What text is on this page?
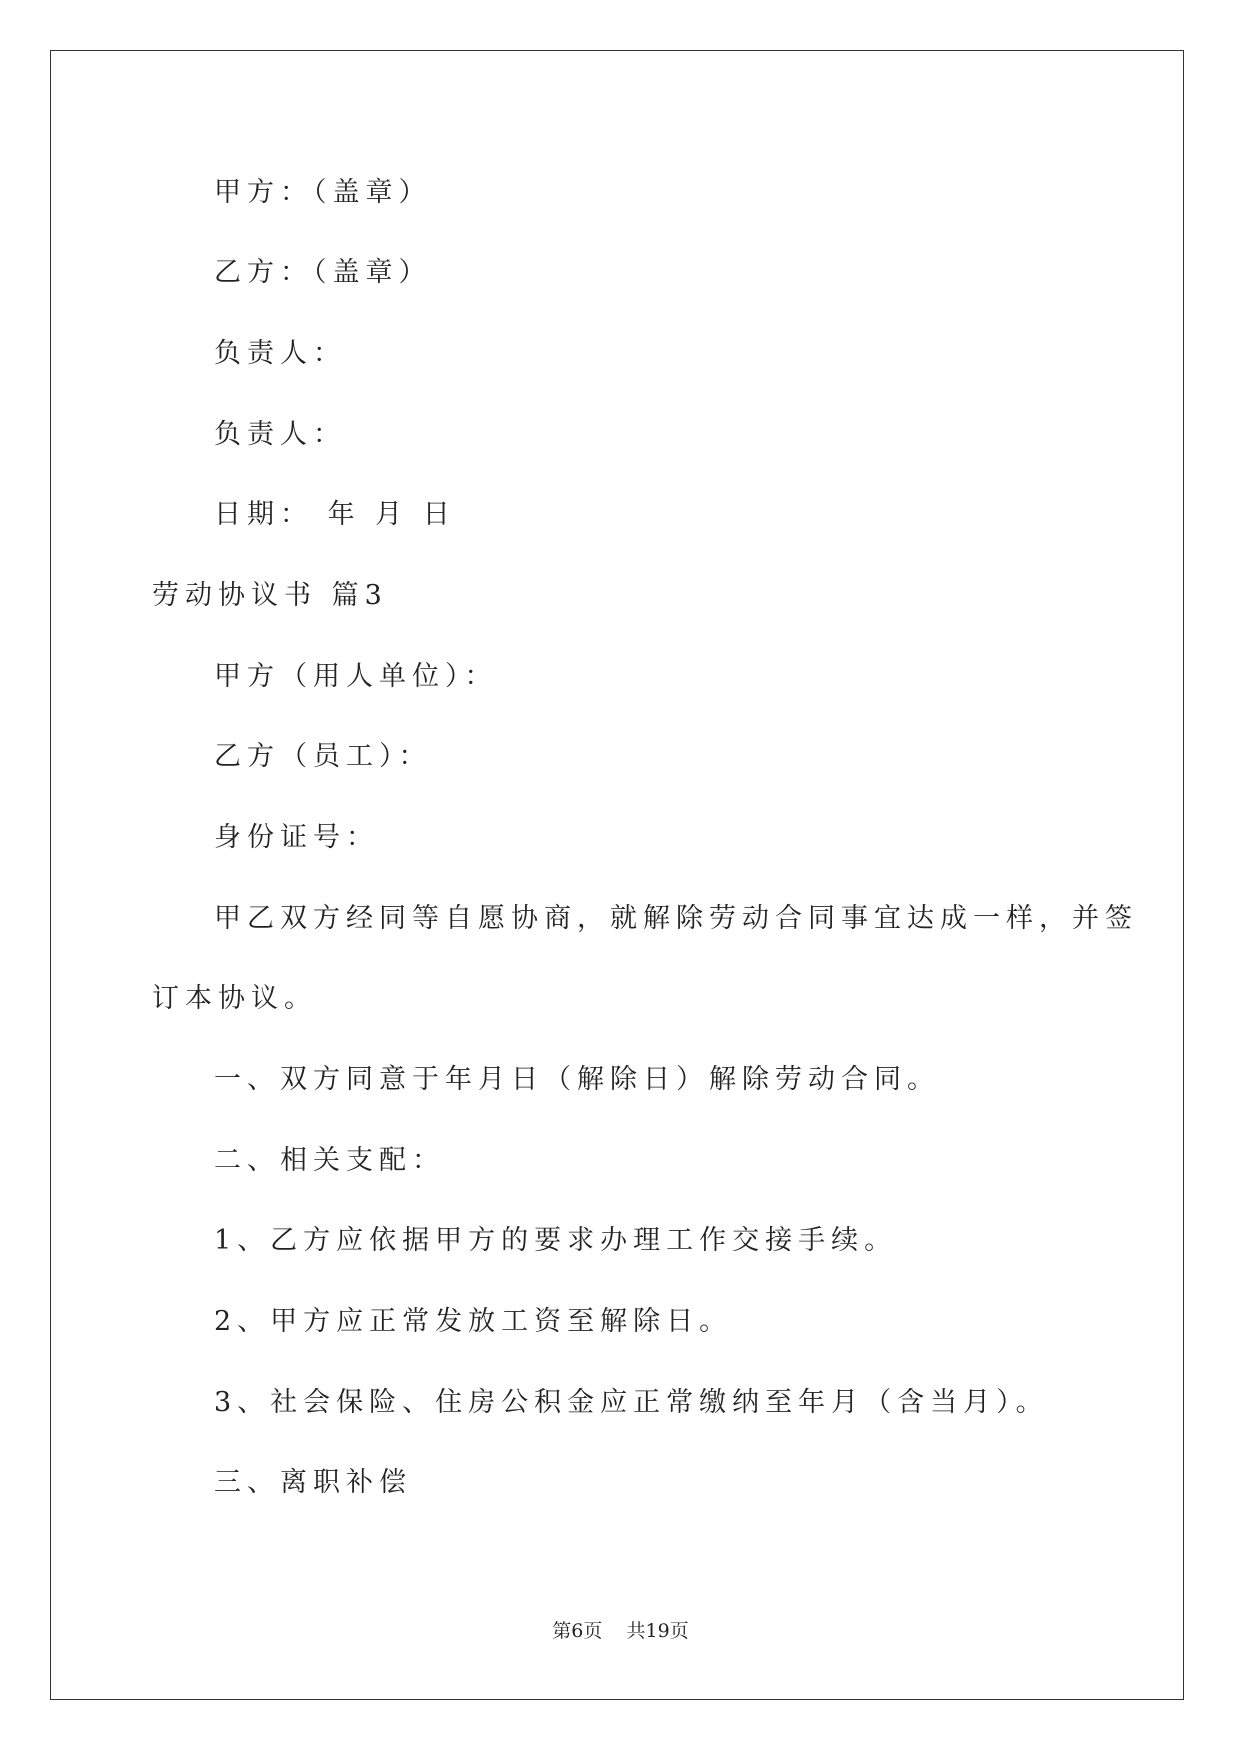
甲方：（盖章）
乙方：（盖章）
负责人：
负责人：
日期： 年 月 日
劳动协议书 篇3
甲方（用人单位）：
乙方（员工）：
身份证号：
甲乙双方经同等自愿协商，就解除劳动合同事宜达成一样，并签
订本协议。
一、双方同意于年月日（解除日）解除劳动合同。
二、相关支配：
1、乙方应依据甲方的要求办理工作交接手续。
2、甲方应正常发放工资至解除日。
3、社会保险、住房公积金应正常缴纳至年月（含当月）。
三、离职补偿
第6页    共19页
